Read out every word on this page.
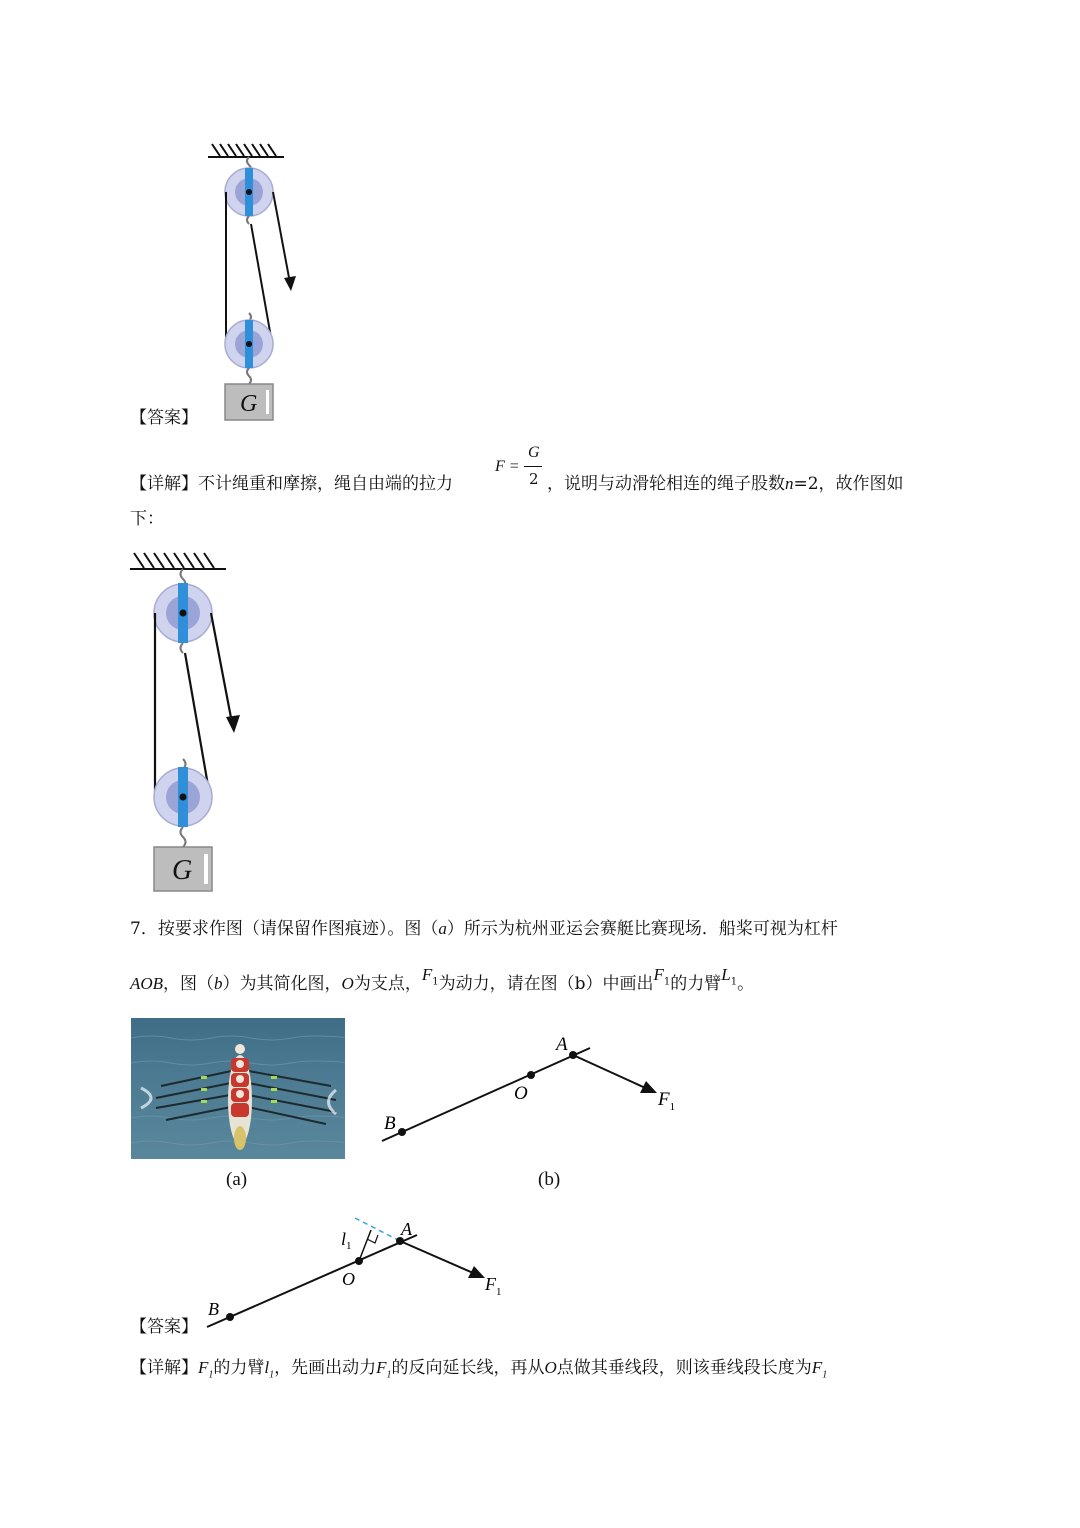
G
【答案】
【详解】不计绳重和摩擦，绳自由端的拉力
F =
G
2 ，说明与动滑轮相连的绳子股数n=2，故作图如
下：
G
7．按要求作图（请保留作图痕迹）。图（a）所示为杭州亚运会赛艇比赛现场．船桨可视为杠杆
AOB，图（b）为其简化图，O为支点，$F_1$为动力，请在图（b）中画出$F_1$的力臂$L_1$。
(a)
A
O
B
$F_1$
(b)
$l_1$
A
O
B
$F_1$
【答案】
【详解】$F_1$的力臂$l_1$，先画出动力$F_1$的反向延长线，再从O点做其垂线段，则该垂线段长度为$F_1$
